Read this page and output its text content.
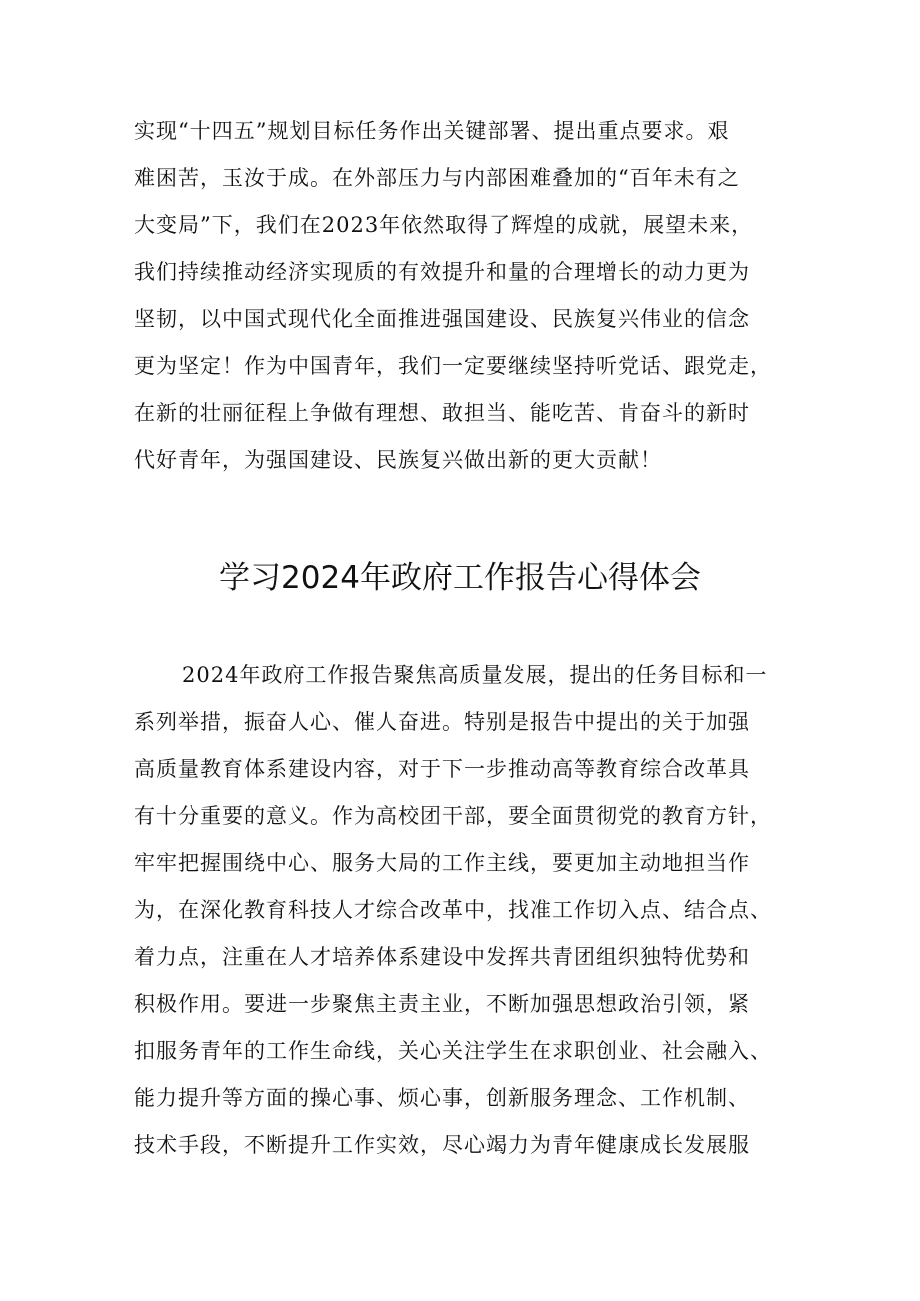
实现“十四五”规划目标任务作出关键部署、提出重点要求。艰
难困苦，玉汝于成。在外部压力与内部困难叠加的“百年未有之
大变局”下，我们在2023年依然取得了辉煌的成就，展望未来，
我们持续推动经济实现质的有效提升和量的合理增长的动力更为
坚韧，以中国式现代化全面推进强国建设、民族复兴伟业的信念
更为坚定！作为中国青年，我们一定要继续坚持听党话、跟党走，
在新的壮丽征程上争做有理想、敢担当、能吃苦、肯奋斗的新时
代好青年，为强国建设、民族复兴做出新的更大贡献！
学习2024年政府工作报告心得体会
2024年政府工作报告聚焦高质量发展，提出的任务目标和一
系列举措，振奋人心、催人奋进。特别是报告中提出的关于加强
高质量教育体系建设内容，对于下一步推动高等教育综合改革具
有十分重要的意义。作为高校团干部，要全面贯彻党的教育方针，
牢牢把握围绕中心、服务大局的工作主线，要更加主动地担当作
为，在深化教育科技人才综合改革中，找准工作切入点、结合点、
着力点，注重在人才培养体系建设中发挥共青团组织独特优势和
积极作用。要进一步聚焦主责主业，不断加强思想政治引领，紧
扣服务青年的工作生命线，关心关注学生在求职创业、社会融入、
能力提升等方面的操心事、烦心事，创新服务理念、工作机制、
技术手段，不断提升工作实效，尽心竭力为青年健康成长发展服
